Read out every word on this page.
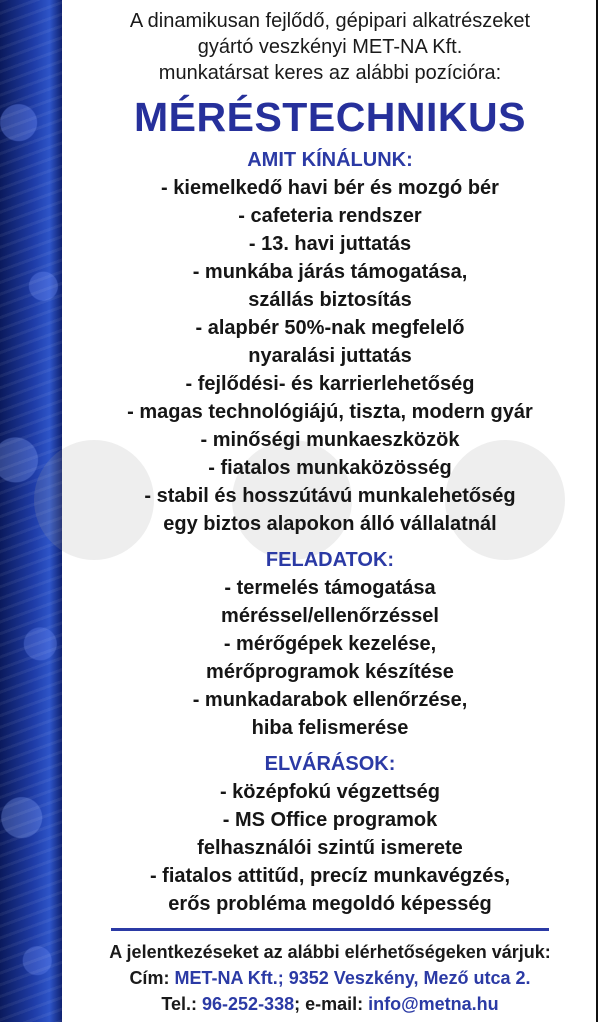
A dinamikusan fejlődő, gépipari alkatrészeket
gyártó veszkényi MET-NA Kft.
munkatársat keres az alábbi pozícióra:
MÉRÉSTECHNIKUS
AMIT KÍNÁLUNK:
- kiemelkedő havi bér és mozgó bér
- cafeteria rendszer
- 13. havi juttatás
- munkába járás támogatása,
szállás biztosítás
- alapbér 50%-nak megfelelő
nyaralási juttatás
- fejlődési- és karrierlehetőség
- magas technológiájú, tiszta, modern gyár
- minőségi munkaeszközök
- fiatalos munkaközösség
- stabil és hosszútávú munkalehetőség
egy biztos alapokon álló vállalatnál
FELADATOK:
- termelés támogatása
méréssel/ellenőrzéssel
- mérőgépek kezelése,
mérőprogramok készítése
- munkadarabok ellenőrzése,
hiba felismerése
ELVÁRÁSOK:
- középfokú végzettség
- MS Office programok
felhasználói szintű ismerete
- fiatalos attitűd, precíz munkavégzés,
erős probléma megoldó képesség
A jelentkezéseket az alábbi elérhetőségeken várjuk:
Cím: MET-NA Kft.; 9352 Veszkény, Mező utca 2.
Tel.: 96-252-338; e-mail: info@metna.hu
